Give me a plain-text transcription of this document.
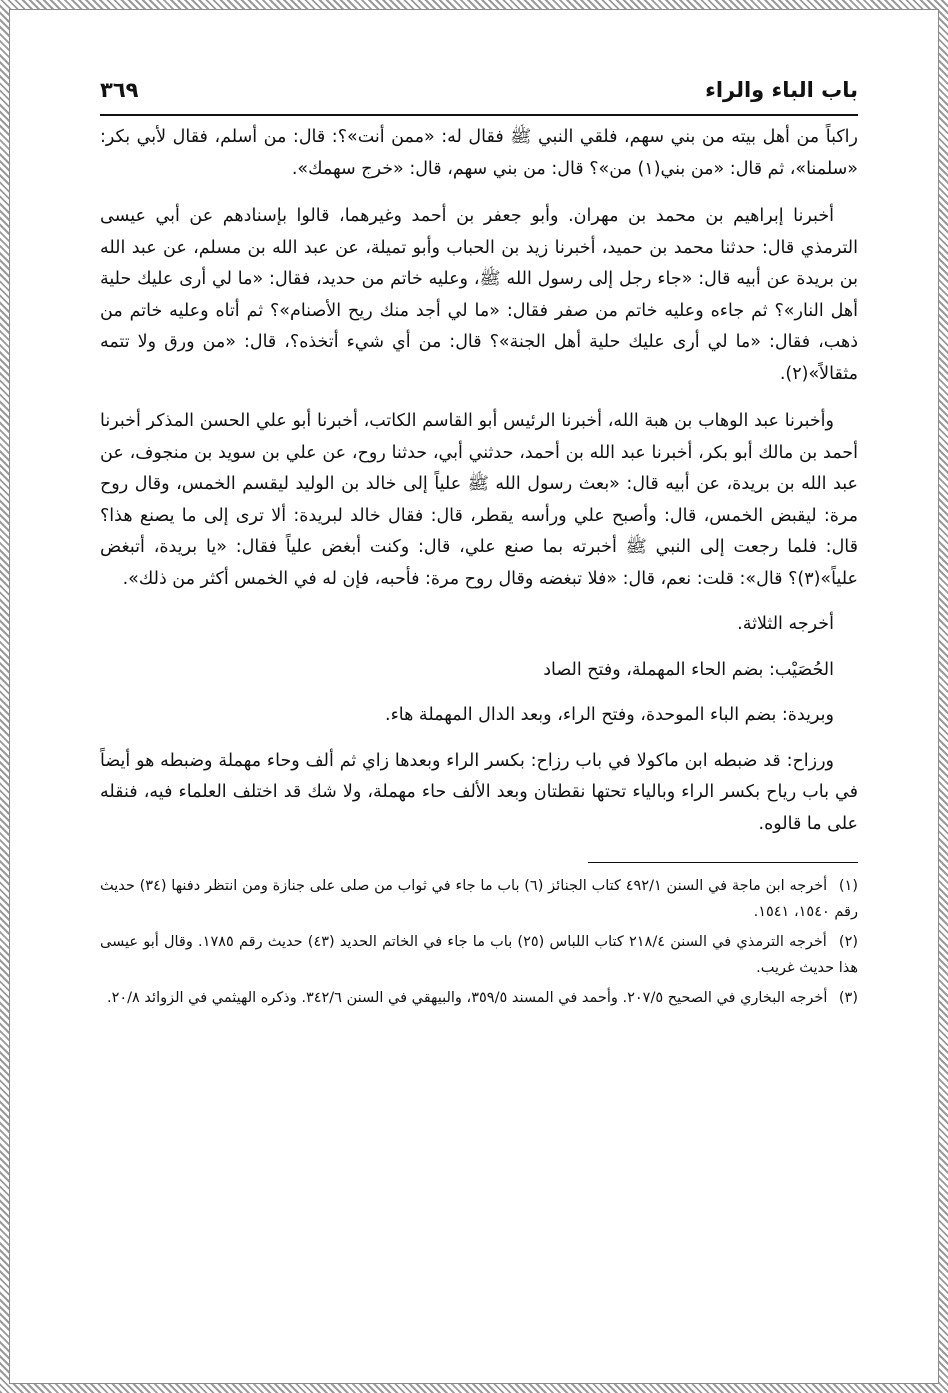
باب الباء والراء
٣٦٩

راكباً من أهل بيته من بني سهم، فلقي النبي ﷺ فقال له: «ممن أنت»؟: قال: من أسلم، فقال لأبي بكر: «سلمنا»، ثم قال: «من بني(١) من»؟ قال: من بني سهم، قال: «خرج سهمك».

أخبرنا إبراهيم بن محمد بن مهران. وأبو جعفر بن أحمد وغيرهما، قالوا بإسنادهم عن أبي عيسى الترمذي قال: حدثنا محمد بن حميد، أخبرنا زيد بن الحباب وأبو تميلة، عن عبد الله بن مسلم، عن عبد الله بن بريدة عن أبيه قال: «جاء رجل إلى رسول الله ﷺ، وعليه خاتم من حديد، فقال: «ما لي أرى عليك حلية أهل النار»؟ ثم جاءه وعليه خاتم من صفر فقال: «ما لي أجد منك ريح الأصنام»؟ ثم أتاه وعليه خاتم من ذهب، فقال: «ما لي أرى عليك حلية أهل الجنة»؟ قال: من أي شيء أتخذه؟، قال: «من ورق ولا تتمه مثقالاً»(٢).

وأخبرنا عبد الوهاب بن هبة الله، أخبرنا الرئيس أبو القاسم الكاتب، أخبرنا أبو علي الحسن المذكر أخبرنا أحمد بن مالك أبو بكر، أخبرنا عبد الله بن أحمد، حدثني أبي، حدثنا روح، عن علي بن سويد بن منجوف، عن عبد الله بن بريدة، عن أبيه قال: «بعث رسول الله ﷺ علياً إلى خالد بن الوليد ليقسم الخمس، وقال روح مرة: ليقبض الخمس، قال: وأصبح علي ورأسه يقطر، قال: فقال خالد لبريدة: ألا ترى إلى ما يصنع هذا؟ قال: فلما رجعت إلى النبي ﷺ أخبرته بما صنع علي، قال: وكنت أبغض علياً فقال: «يا بريدة، أتبغض علياً»(٣)؟ قال»: قلت: نعم، قال: «فلا تبغضه وقال روح مرة: فأحبه، فإن له في الخمس أكثر من ذلك».

أخرجه الثلاثة.

الحُصَيْب: بضم الحاء المهملة، وفتح الصاد

وبريدة: بضم الباء الموحدة، وفتح الراء، وبعد الدال المهملة هاء.

ورزاح: قد ضبطه ابن ماكولا في باب رزاح: بكسر الراء وبعدها زاي ثم ألف وحاء مهملة وضبطه هو أيضاً في باب رياح بكسر الراء وبالياء تحتها نقطتان وبعد الألف حاء مهملة، ولا شك قد اختلف العلماء فيه، فنقله على ما قالوه.

(١) أخرجه ابن ماجة في السنن ٤٩٢/١ كتاب الجنائز (٦) باب ما جاء في ثواب من صلى على جنازة ومن انتظر دفنها (٣٤) حديث رقم ١٥٤٠، ١٥٤١.
(٢) أخرجه الترمذي في السنن ٢١٨/٤ كتاب اللباس (٢٥) باب ما جاء في الخاتم الحديد (٤٣) حديث رقم ١٧٨٥. وقال أبو عيسى هذا حديث غريب.
(٣) أخرجه البخاري في الصحيح ٢٠٧/٥. وأحمد في المسند ٣٥٩/٥، والبيهقي في السنن ٣٤٢/٦. وذكره الهيثمي في الزوائد ٢٠/٨.
